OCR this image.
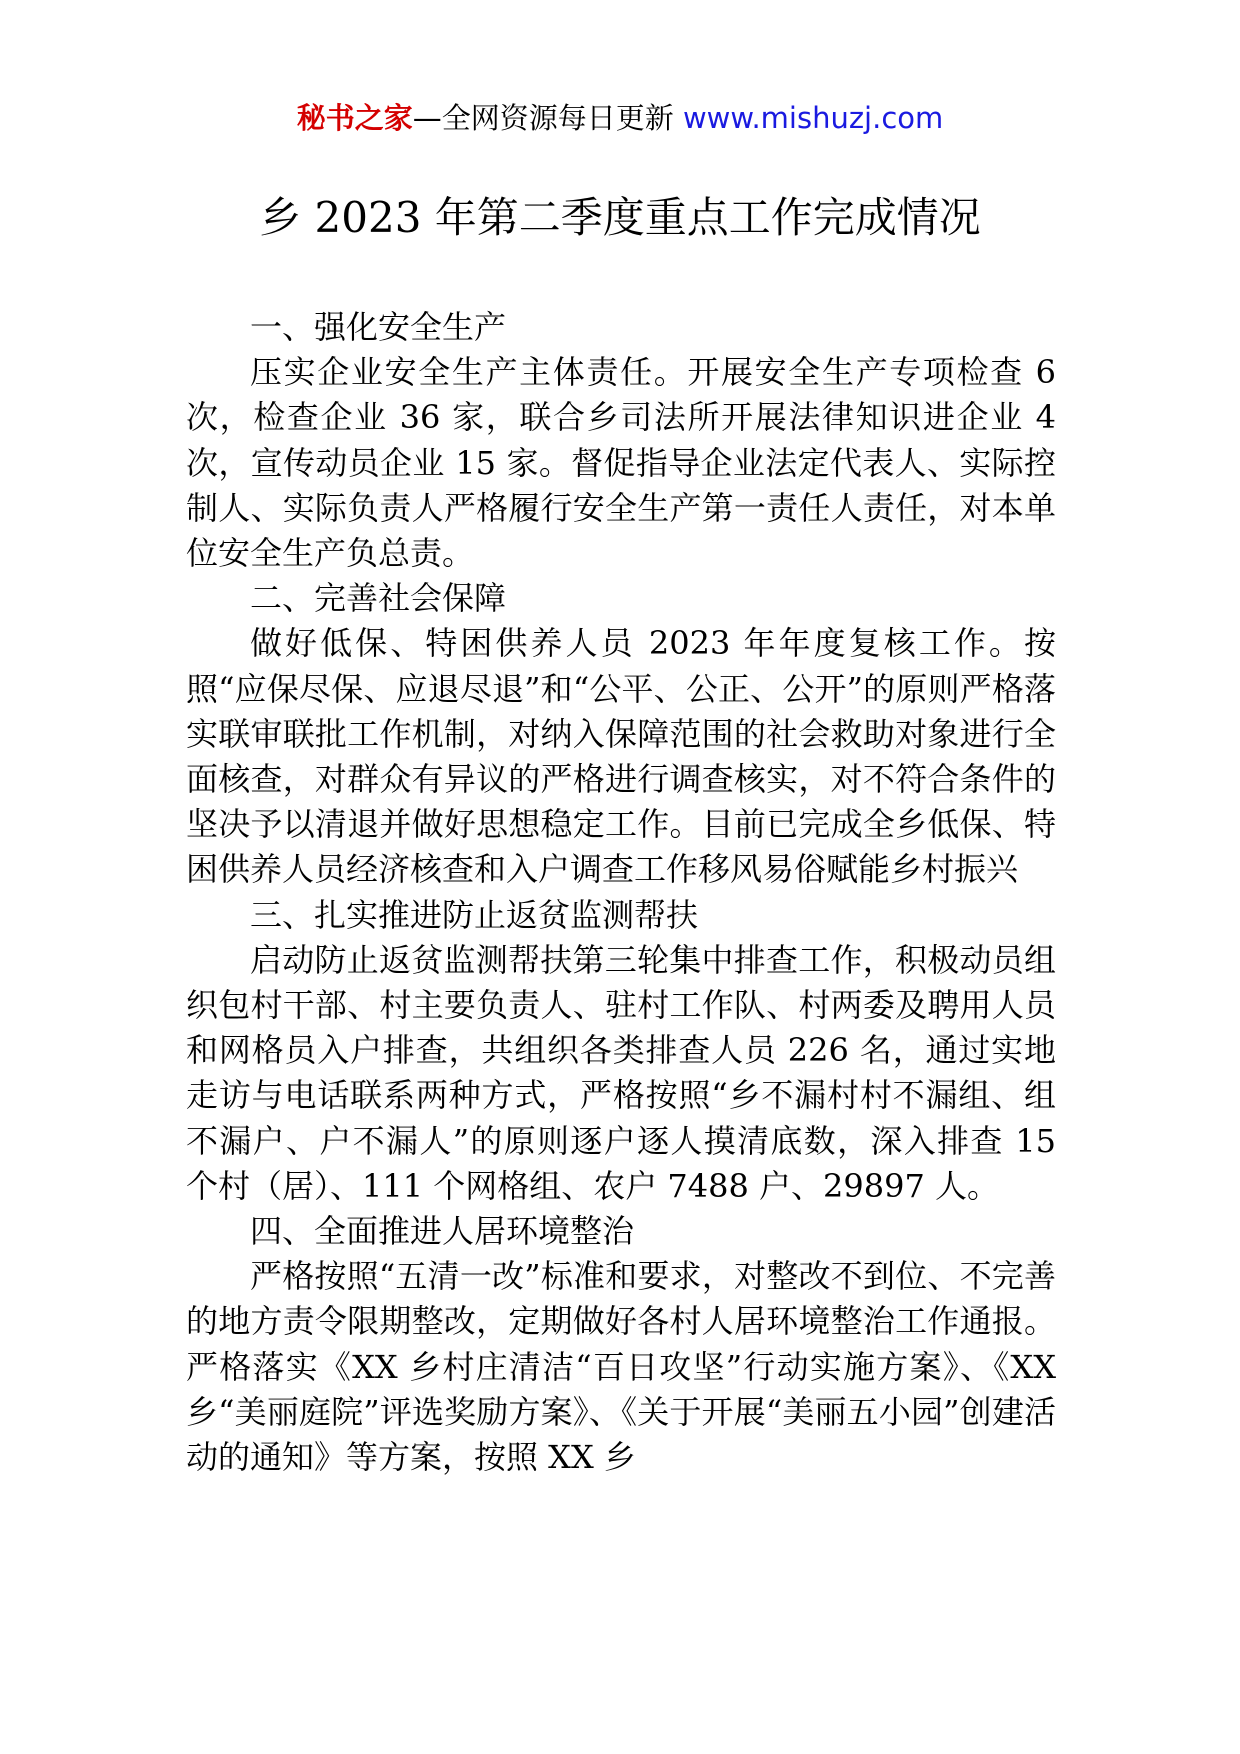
秘书之家—全网资源每日更新 www.mishuzj.com
乡 2023 年第二季度重点工作完成情况

一、强化安全生产

压实企业安全生产主体责任。开展安全生产专项检查 6 次，检查企业 36 家，联合乡司法所开展法律知识进企业 4 次，宣传动员企业 15 家。督促指导企业法定代表人、实际控制人、实际负责人严格履行安全生产第一责任人责任，对本单位安全生产负总责。

二、完善社会保障

做好低保、特困供养人员 2023 年年度复核工作。按照“应保尽保、应退尽退”和“公平、公正、公开”的原则严格落实联审联批工作机制，对纳入保障范围的社会救助对象进行全面核查，对群众有异议的严格进行调查核实，对不符合条件的坚决予以清退并做好思想稳定工作。目前已完成全乡低保、特困供养人员经济核查和入户调查工作移风易俗赋能乡村振兴

三、扎实推进防止返贫监测帮扶

启动防止返贫监测帮扶第三轮集中排查工作，积极动员组织包村干部、村主要负责人、驻村工作队、村两委及聘用人员和网格员入户排查，共组织各类排查人员 226 名，通过实地走访与电话联系两种方式，严格按照“乡不漏村村不漏组、组不漏户、户不漏人”的原则逐户逐人摸清底数，深入排查 15 个村（居）、111 个网格组、农户 7488 户、29897 人。

四、全面推进人居环境整治

严格按照“五清一改”标准和要求，对整改不到位、不完善的地方责令限期整改，定期做好各村人居环境整治工作通报。严格落实《XX 乡村庄清洁“百日攻坚”行动实施方案》、《XX 乡“美丽庭院”评选奖励方案》、《关于开展“美丽五小园”创建活动的通知》等方案，按照 XX 乡
